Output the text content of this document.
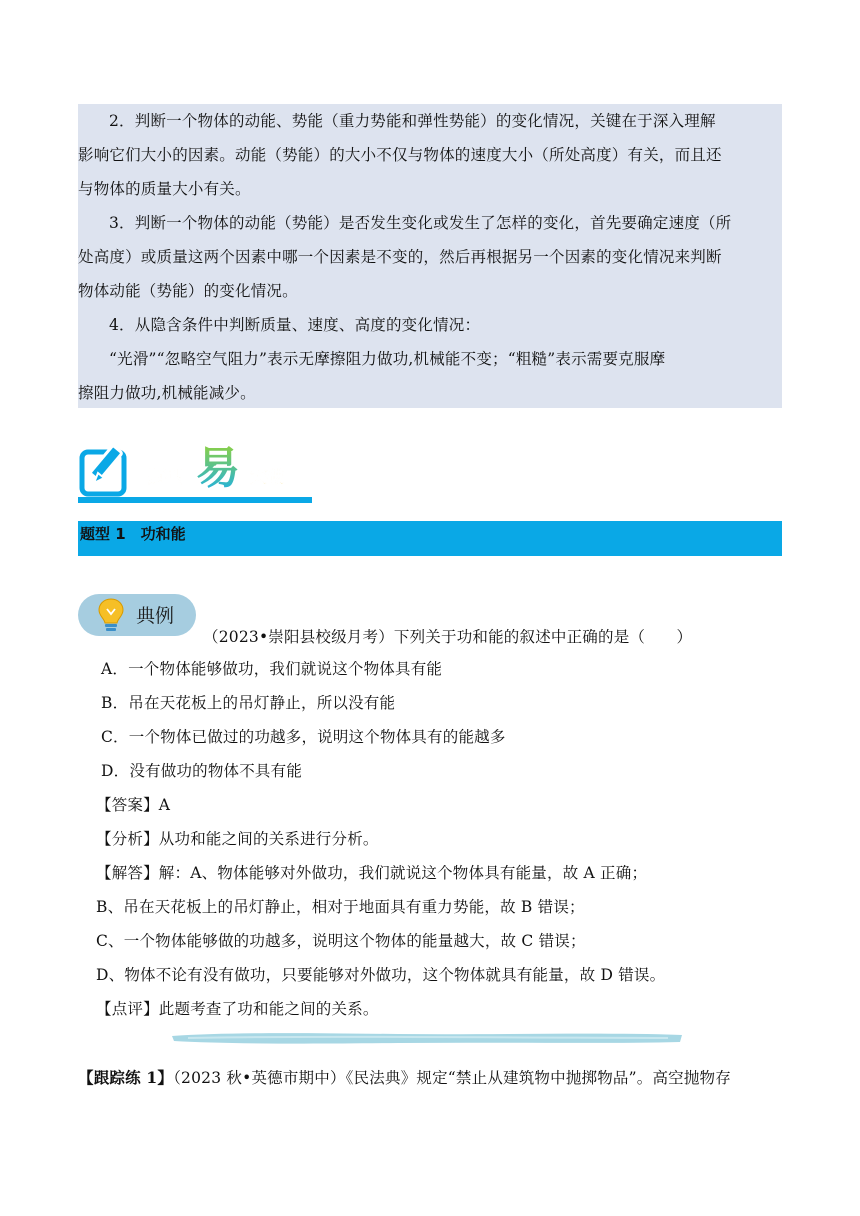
2．判断一个物体的动能、势能（重力势能和弹性势能）的变化情况，关键在于深入理解

影响它们大小的因素。动能（势能）的大小不仅与物体的速度大小（所处高度）有关，而且还

与物体的质量大小有关。

3．判断一个物体的动能（势能）是否发生变化或发生了怎样的变化，首先要确定速度（所

处高度）或质量这两个因素中哪一个因素是不变的，然后再根据另一个因素的变化情况来判断

物体动能（势能）的变化情况。

4．从隐含条件中判断质量、速度、高度的变化情况：

“光滑”“忽略空气阻力”表示无摩擦阻力做功,机械能不变；“粗糙”表示需要克服摩

擦阻力做功,机械能减少。

题型 易 突破
题型 1　功和能
典例
（2023•崇阳县校级月考）下列关于功和能的叙述中正确的是（　　）
A．一个物体能够做功，我们就说这个物体具有能
B．吊在天花板上的吊灯静止，所以没有能
C．一个物体已做过的功越多，说明这个物体具有的能越多
D．没有做功的物体不具有能
【答案】A
【分析】从功和能之间的关系进行分析。
【解答】解：A、物体能够对外做功，我们就说这个物体具有能量，故 A 正确；
B、吊在天花板上的吊灯静止，相对于地面具有重力势能，故 B 错误；
C、一个物体能够做的功越多，说明这个物体的能量越大，故 C 错误；
D、物体不论有没有做功，只要能够对外做功，这个物体就具有能量，故 D 错误。
【点评】此题考查了功和能之间的关系。
【跟踪练 1】（2023 秋•英德市期中）《民法典》规定“禁止从建筑物中抛掷物品”。高空抛物存
